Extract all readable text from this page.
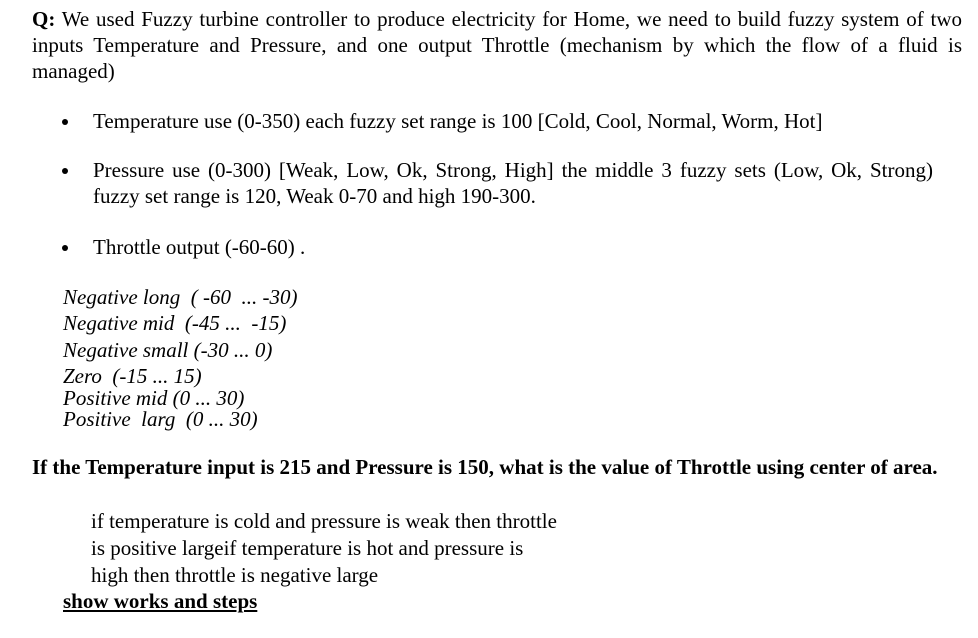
Q: We used Fuzzy turbine controller to produce electricity for Home, we need to build fuzzy system of two inputs Temperature and Pressure, and one output Throttle (mechanism by which the flow of a fluid is managed)
Temperature use (0-350) each fuzzy set range is 100 [Cold, Cool, Normal, Worm, Hot]
Pressure use (0-300) [Weak, Low, Ok, Strong, High] the middle 3 fuzzy sets (Low, Ok, Strong) fuzzy set range is 120, Weak 0-70 and high 190-300.
Throttle output (-60-60) .
Negative long  ( -60  ... -30)
Negative mid  (-45 ...  -15)
Negative small (-30 ... 0)
Zero  (-15 ... 15)
Positive mid (0 ... 30)
Positive  larg  (0 ... 30)
If the Temperature input is 215 and Pressure is 150, what is the value of Throttle using center of area.
if temperature is cold and pressure is weak then throttle
is positive largeif temperature is hot and pressure is
high then throttle is negative large
show works and steps
